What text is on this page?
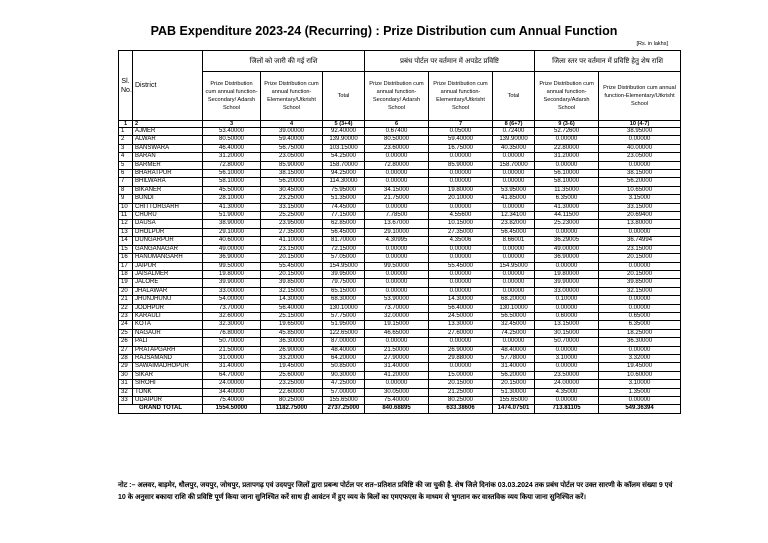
PAB Expenditure 2023-24 (Recurring) : Prize Distribution cum Annual Function
[Rs. in lakhs]
Sl. No.	District	जिलों को जारी की गई राशि			प्रबंध पोर्टल पर वर्तमान में अपडेट प्रविष्टि			जिला स्तर पर वर्तमान में प्रविष्टि हेतु शेष राशि	
		Prize Distribution cum annual function-Secondary/ Adarsh School	Prize Distribution cum annual function-Elementary/Utkrisht School	Total	Prize Distribution cum annual function-Secondary/ Adarsh School	Prize Distribution cum annual function-Elementary/Utkrisht School	Total	Prize Distribution cum annual function-Secondary/Adarsh School	Prize Distribution cum annual function-Elementary/Utkrisht School
1	2	3	4	5 (3+4)	6	7	8 (6+7)	9 (3-6)	10 (4-7)
1	AJMER	53.40000	39.00000	92.40000	0.67400	0.05000	0.72400	52.72600	38.95000
2	ALWAR	80.50000	59.40000	139.90000	80.50000	59.40000	139.90000	0.00000	0.00000
3	BANSWARA	46.40000	56.75000	103.15000	23.60000	16.75000	40.35000	22.80000	40.00000
4	BARAN	31.20000	23.05000	54.25000	0.00000	0.00000	0.00000	31.20000	23.05000
5	BARMER	72.80000	85.90000	158.70000	72.80000	85.90000	158.70000	0.00000	0.00000
6	BHARATPUR	56.10000	38.15000	94.25000	0.00000	0.00000	0.00000	56.10000	38.15000
7	BHILWARA	58.10000	56.20000	114.30000	0.00000	0.00000	0.00000	58.10000	56.20000
8	BIKANER	45.50000	30.45000	75.95000	34.15000	19.80000	53.95000	11.35000	10.65000
9	BUNDI	28.10000	23.25000	51.35000	21.75000	20.10000	41.85000	6.35000	3.15000
10	CHITTORGARH	41.30000	33.15000	74.45000	0.00000	0.00000	0.00000	41.30000	33.15000
11	CHURU	51.90000	25.25000	77.15000	7.78500	4.55600	12.34100	44.11500	20.69400
12	DAUSA	38.90000	23.95000	62.85000	13.67000	10.15000	23.82000	25.23000	13.80000
13	DHOLPUR	29.10000	27.35000	56.45000	29.10000	27.35000	56.45000	0.00000	0.00000
14	DUNGARPUR	40.60000	41.10000	81.70000	4.30995	4.35006	8.66001	36.29005	36.74994
15	GANGANAGAR	49.00000	23.15000	72.15000	0.00000	0.00000	0.00000	49.00000	23.15000
16	HANUMANGARH	36.90000	20.15000	57.05000	0.00000	0.00000	0.00000	36.90000	20.15000
17	JAIPUR	99.50000	55.45000	154.95000	99.50000	55.45000	154.95000	0.00000	0.00000
18	JAISALMER	19.80000	20.15000	39.95000	0.00000	0.00000	0.00000	19.80000	20.15000
19	JALORE	39.90000	39.85000	79.75000	0.00000	0.00000	0.00000	39.90000	39.85000
20	JHALAWAR	33.00000	32.15000	65.15000	0.00000	0.00000	0.00000	33.00000	32.15000
21	JHUNJHUNU	54.00000	14.30000	68.30000	53.90000	14.30000	68.20000	0.10000	0.00000
22	JODHPUR	73.70000	56.40000	130.10000	73.70000	56.40000	130.10000	0.00000	0.00000
23	KARAULI	32.60000	25.15000	57.75000	32.00000	24.50000	56.50000	0.60000	0.65000
24	KOTA	32.30000	19.65000	51.95000	19.15000	13.30000	32.45000	13.15000	6.35000
25	NAGAUR	76.80000	45.85000	122.65000	46.65000	27.60000	74.25000	30.15000	18.25000
26	PALI	50.70000	36.30000	87.00000	0.00000	0.00000	0.00000	50.70000	36.30000
27	PRATAPGARH	21.50000	26.90000	48.40000	21.50000	26.90000	48.40000	0.00000	0.00000
28	RAJSAMAND	31.00000	33.20000	64.20000	27.90000	29.88000	57.78000	3.10000	3.32000
29	SAWAIMADHOPUR	31.40000	19.45000	50.85000	31.40000	0.00000	31.40000	0.00000	19.45000
30	SIKAR	64.70000	25.60000	90.30000	41.20000	15.00000	56.20000	23.50000	10.60000
31	SIROHI	24.00000	23.25000	47.25000	0.00000	20.15000	20.15000	24.00000	3.10000
32	TONK	34.40000	22.60000	57.00000	30.05000	21.25000	51.30000	4.35000	1.35000
33	UDAIPUR	75.40000	80.25000	155.65000	75.40000	80.25000	155.65000	0.00000	0.00000
GRAND TOTAL		1554.50000	1182.75000	2737.25000	840.68895	633.38606	1474.07501	713.81105	549.36394
नोट :– अलवर, बाड़मेर, धौलपुर, जयपुर, जोधपुर, प्रतापगढ़ एवं उदयपुर जिलों द्वारा प्रबन्ध पोर्टल पर शत–प्रतिशत प्रविष्टि की जा चुकी है. शेष जिले दिनांक 03.03.2024 तक प्रबंध पोर्टल पर उक्त सारणी के कॉलम संख्या 9 एवं 10 के अनुसार बकाया राशि की प्रविष्टि पूर्ण किया जाना सुनिश्चित करें साथ ही आवंटन में हुए व्यय के बिलों का एमएफएस के माध्यम से भुगतान कर वास्तविक व्यय किया जाना सुनिश्चित करें।
